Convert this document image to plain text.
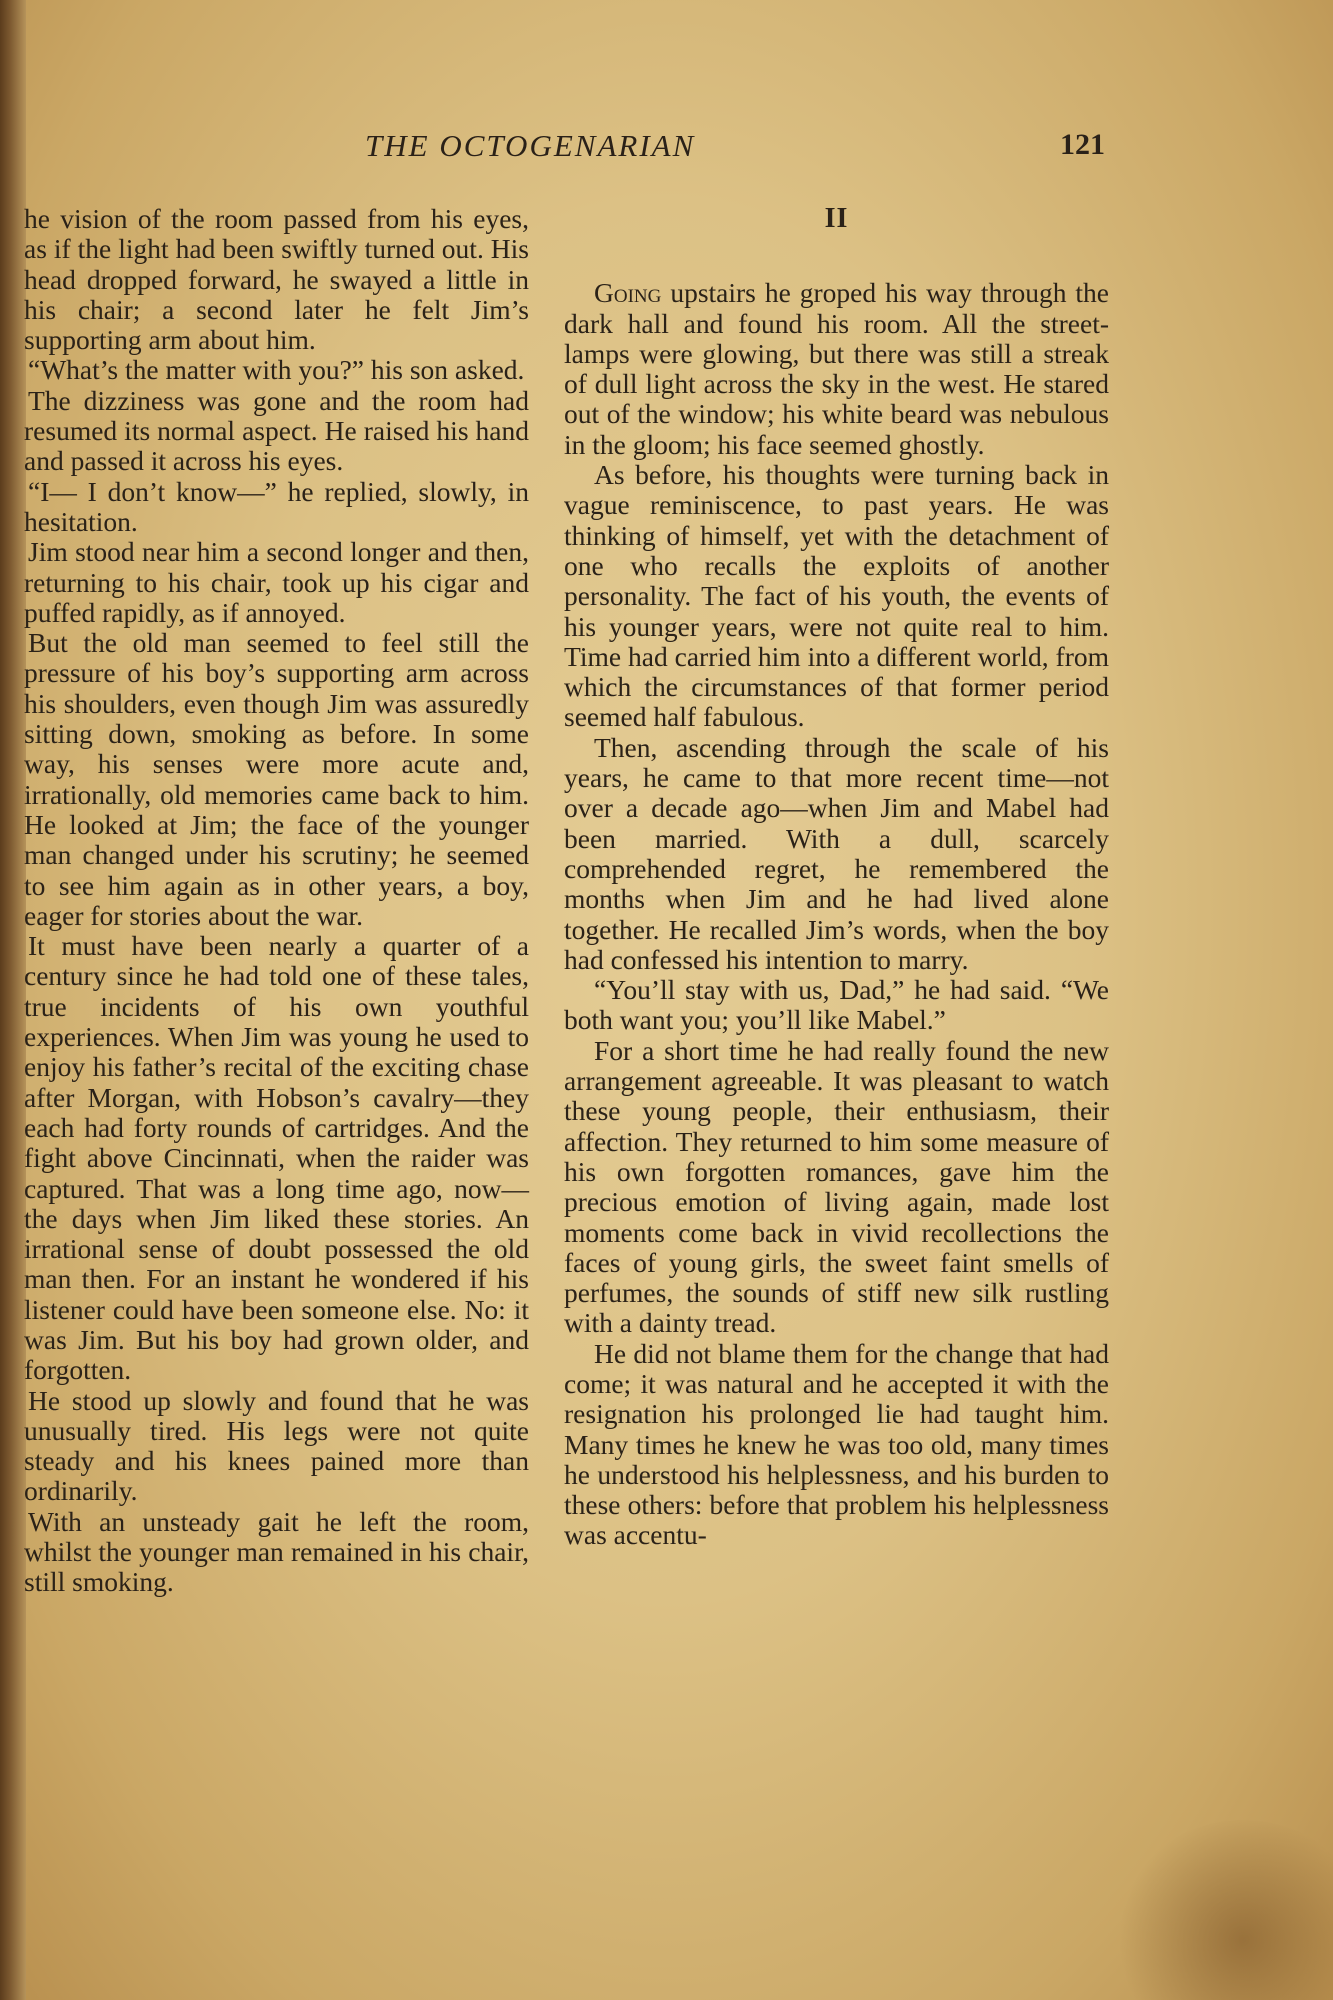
THE OCTOGENARIAN	121

he vision of the room passed from his eyes, as if the light had been swiftly turned out. His head dropped forward, he swayed a little in his chair; a second later he felt Jim’s supporting arm about him.

“What’s the matter with you?” his son asked.

The dizziness was gone and the room had resumed its normal aspect. He raised his hand and passed it across his eyes.

“I— I don’t know—” he replied, slowly, in hesitation.

Jim stood near him a second longer and then, returning to his chair, took up his cigar and puffed rapidly, as if annoyed.

But the old man seemed to feel still the pressure of his boy’s supporting arm across his shoulders, even though Jim was assuredly sitting down, smoking as before. In some way, his senses were more acute and, irrationally, old memories came back to him. He looked at Jim; the face of the younger man changed under his scrutiny; he seemed to see him again as in other years, a boy, eager for stories about the war.

It must have been nearly a quarter of a century since he had told one of these tales, true incidents of his own youthful experiences. When Jim was young he used to enjoy his father’s recital of the exciting chase after Morgan, with Hobson’s cavalry—they each had forty rounds of cartridges. And the fight above Cincinnati, when the raider was captured. That was a long time ago, now—the days when Jim liked these stories. An irrational sense of doubt possessed the old man then. For an instant he wondered if his listener could have been someone else. No: it was Jim. But his boy had grown older, and forgotten.

He stood up slowly and found that he was unusually tired. His legs were not quite steady and his knees pained more than ordinarily.

With an unsteady gait he left the room, whilst the younger man remained in his chair, still smoking.

II

Going upstairs he groped his way through the dark hall and found his room. All the street-lamps were glowing, but there was still a streak of dull light across the sky in the west. He stared out of the window; his white beard was nebulous in the gloom; his face seemed ghostly.

As before, his thoughts were turning back in vague reminiscence, to past years. He was thinking of himself, yet with the detachment of one who recalls the exploits of another personality. The fact of his youth, the events of his younger years, were not quite real to him. Time had carried him into a different world, from which the circumstances of that former period seemed half fabulous.

Then, ascending through the scale of his years, he came to that more recent time—not over a decade ago—when Jim and Mabel had been married. With a dull, scarcely comprehended regret, he remembered the months when Jim and he had lived alone together. He recalled Jim’s words, when the boy had confessed his intention to marry.

“You’ll stay with us, Dad,” he had said. “We both want you; you’ll like Mabel.”

For a short time he had really found the new arrangement agreeable. It was pleasant to watch these young people, their enthusiasm, their affection. They returned to him some measure of his own forgotten romances, gave him the precious emotion of living again, made lost moments come back in vivid recollections the faces of young girls, the sweet faint smells of perfumes, the sounds of stiff new silk rustling with a dainty tread.

He did not blame them for the change that had come; it was natural and he accepted it with the resignation his prolonged lie had taught him. Many times he knew he was too old, many times he understood his helplessness, and his burden to these others: before that problem his helplessness was accentu-
